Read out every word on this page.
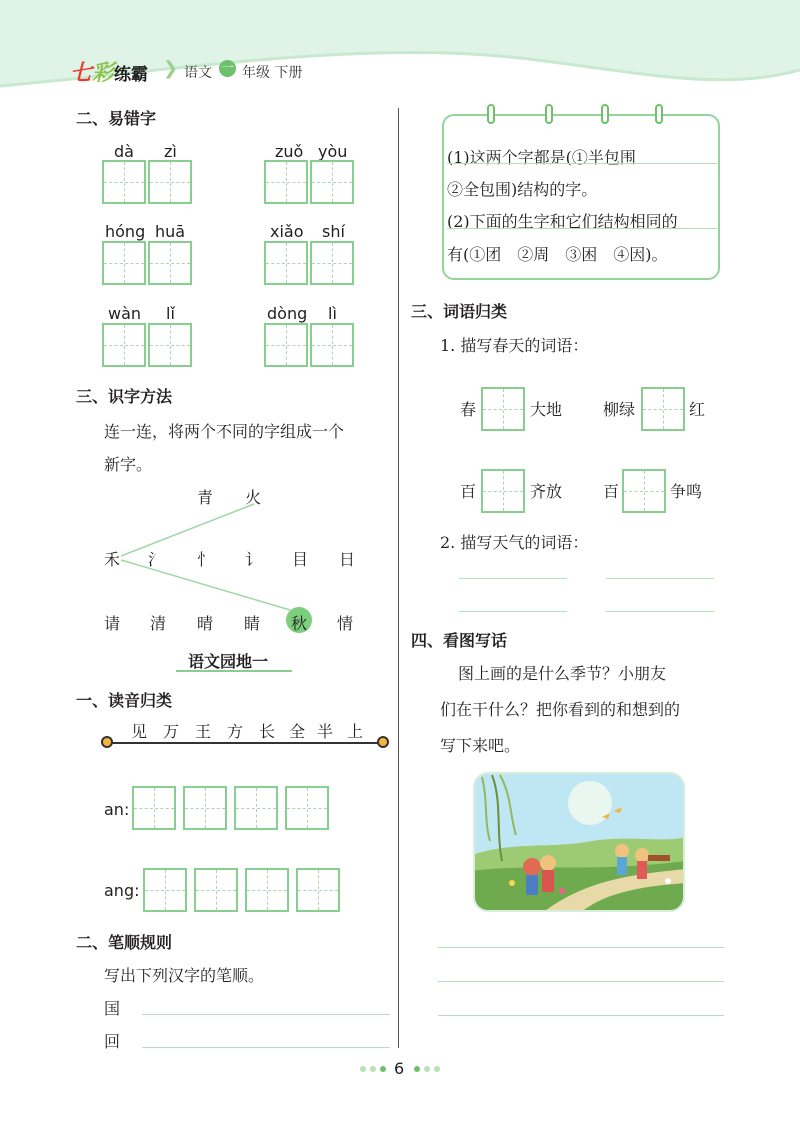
七彩练霸 ❯ 语文 一 年级 下册
二、易错字
dà zì	zuǒ yòu
hóng huā	xiǎo shí
wàn lǐ	dòng lì
三、识字方法
连一连，将两个不同的字组成一个
新字。
青 火
禾 氵 忄 讠 目 日
请 清 晴 睛 秋 情
语文园地一
一、读音归类
见 万 王 方 长 全 半 上
an:
ang:
二、笔顺规则
写出下列汉字的笔顺。
国
回
(1)这两个字都是(①半包围
②全包围)结构的字。
(2)下面的生字和它们结构相同的
有(①团　②周　③困　④因)。
三、词语归类
1. 描写春天的词语：
春	大地	柳绿	红
百	齐放	百	争鸣
2. 描写天气的词语：
四、看图写话
图上画的是什么季节？小朋友
们在干什么？把你看到的和想到的
写下来吧。
6
